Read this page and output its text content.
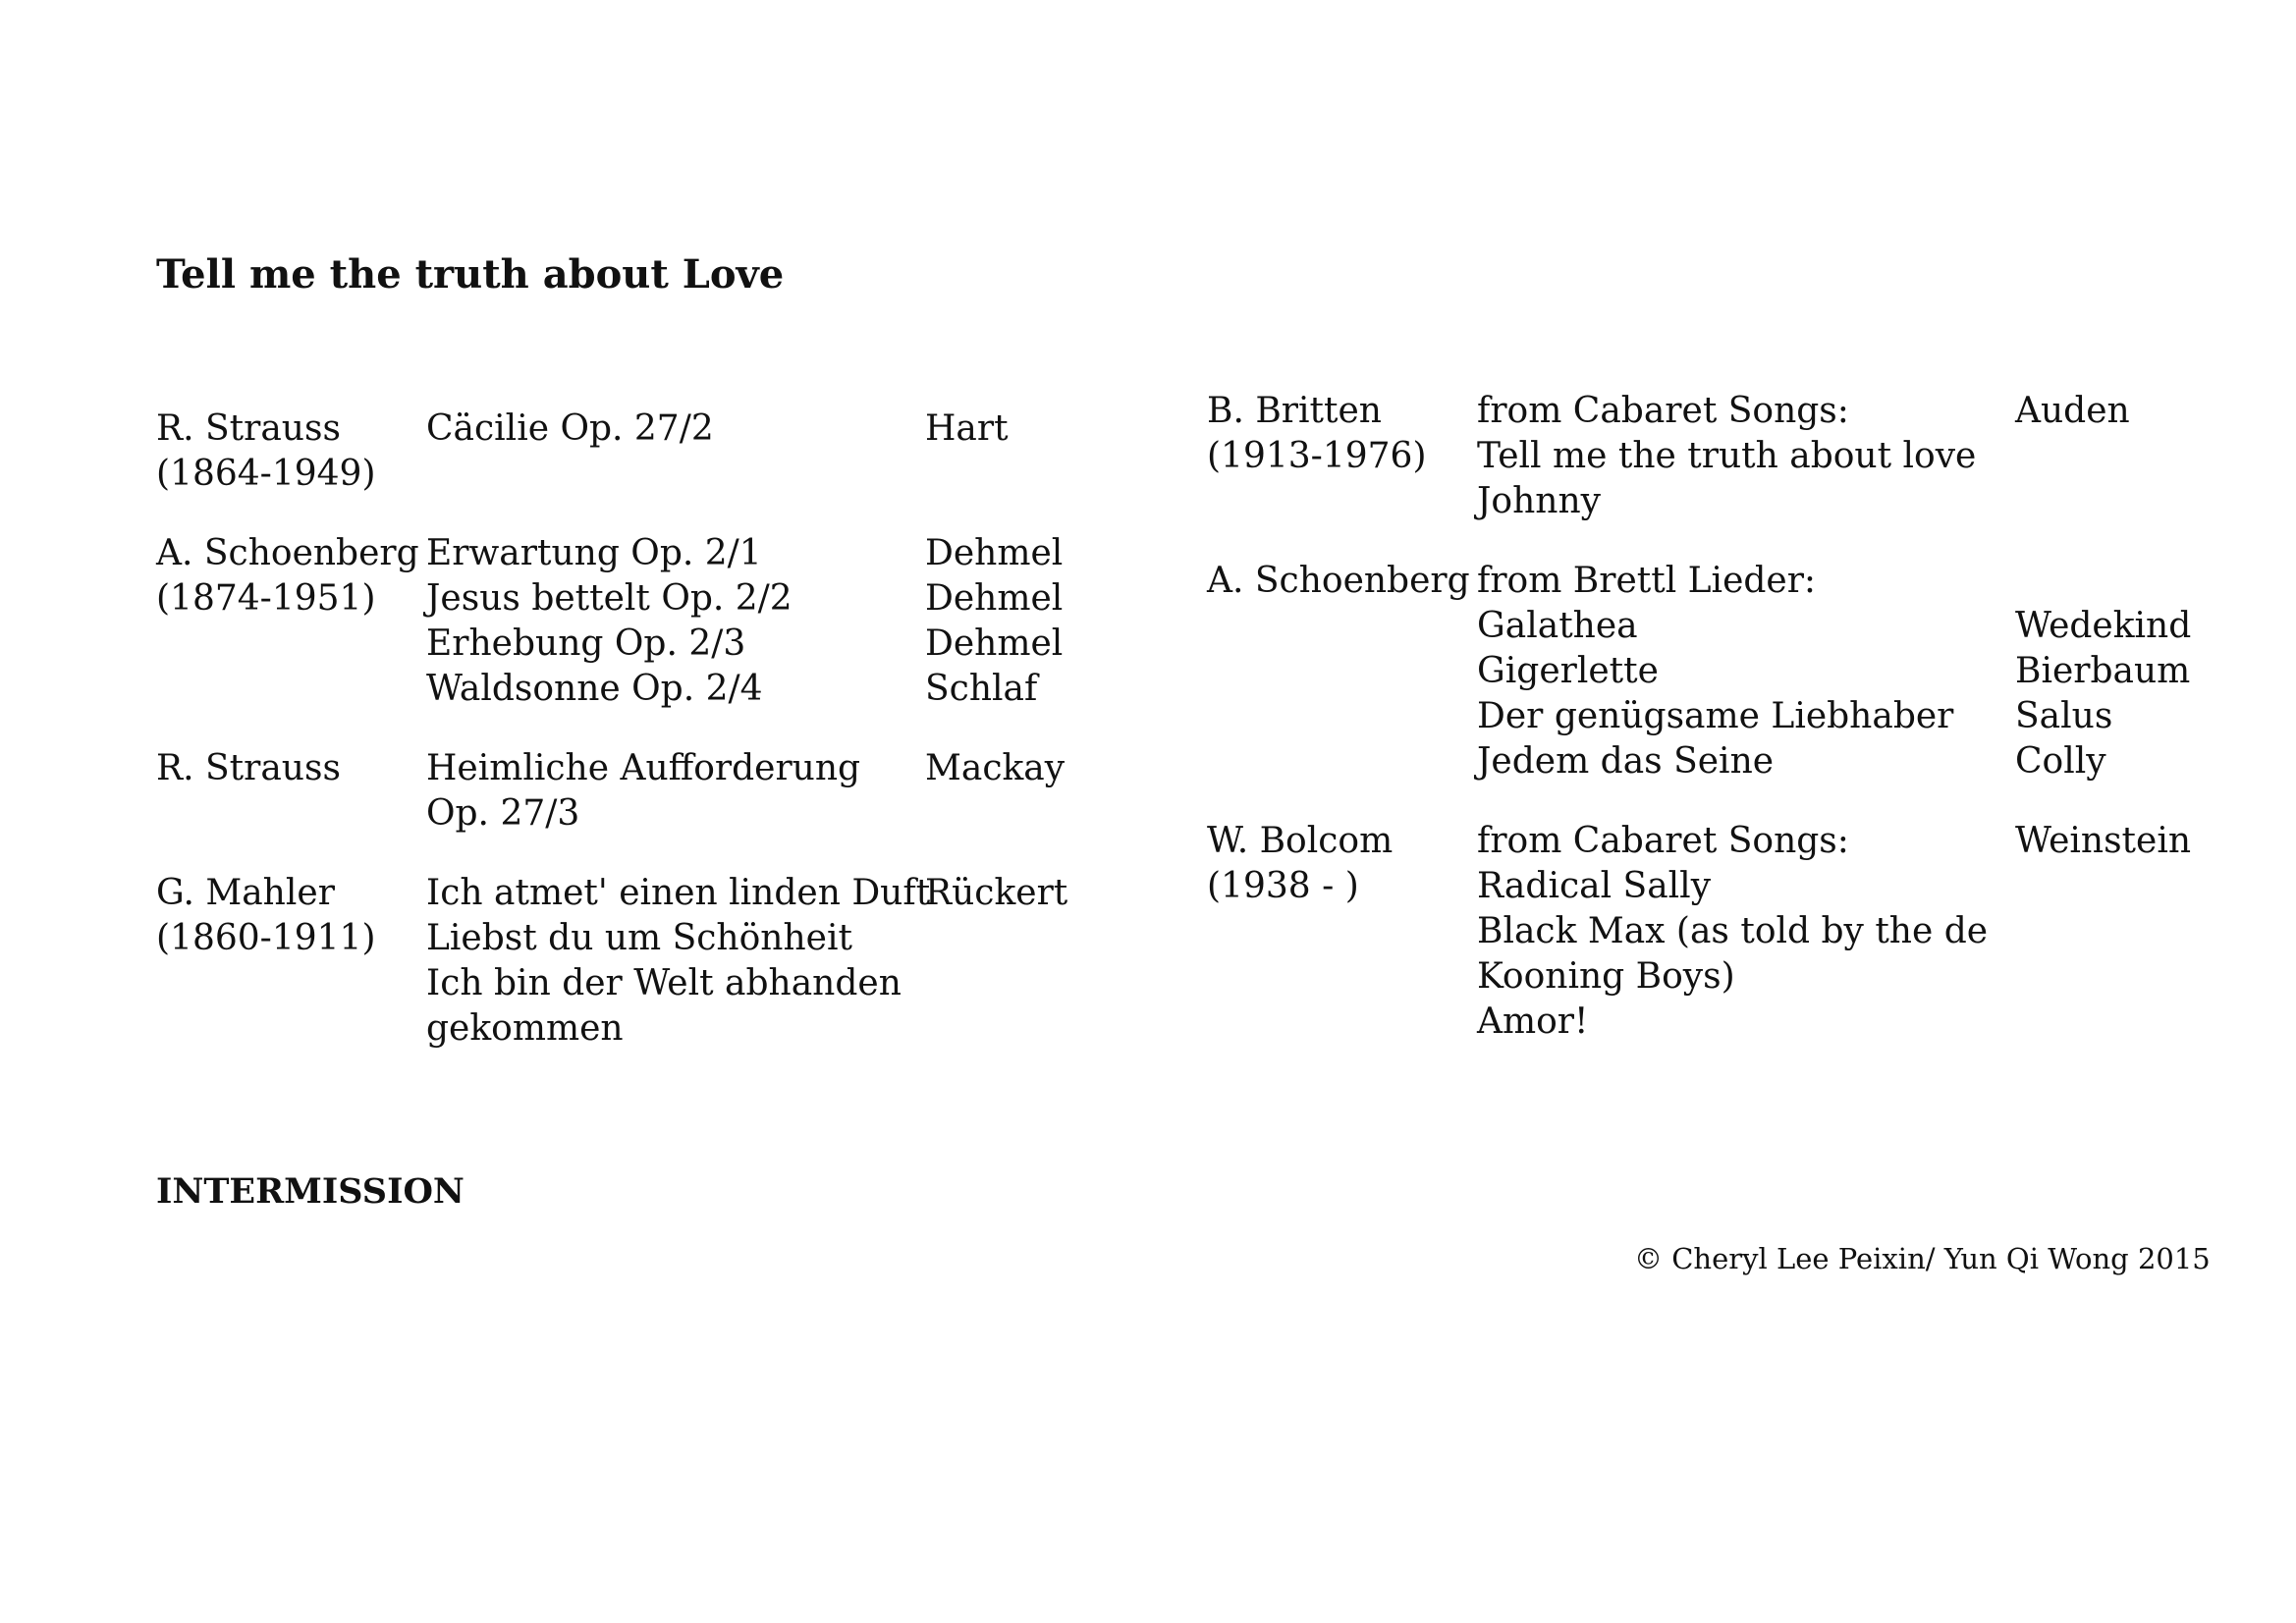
Tell me the truth about Love
R. Strauss
(1864-1949)
Cäcilie Op. 27/2	Hart
A. Schoenberg
(1874-1951)
Erwartung Op. 2/1
Jesus bettelt Op. 2/2
Erhebung Op. 2/3
Waldsonne Op. 2/4
Dehmel
Dehmel
Dehmel
Schlaf
R. Strauss	Heimliche Aufforderung
Op. 27/3
Mackay
G. Mahler
(1860-1911)
Ich atmet' einen linden Duft
Liebst du um Schönheit
Ich bin der Welt abhanden
gekommen
Rückert
B. Britten
(1913-1976)
from Cabaret Songs:
Tell me the truth about love
Johnny
Auden
A. Schoenberg from Brettl Lieder:
Galathea
Gigerlette
Der genügsame Liebhaber
Jedem das Seine

Wedekind
Bierbaum
Salus
Colly
W. Bolcom
(1938 - )
from Cabaret Songs:
Radical Sally
Black Max (as told by the de
Kooning Boys)
Amor!
Weinstein
INTERMISSION
© Cheryl Lee Peixin/ Yun Qi Wong 2015
